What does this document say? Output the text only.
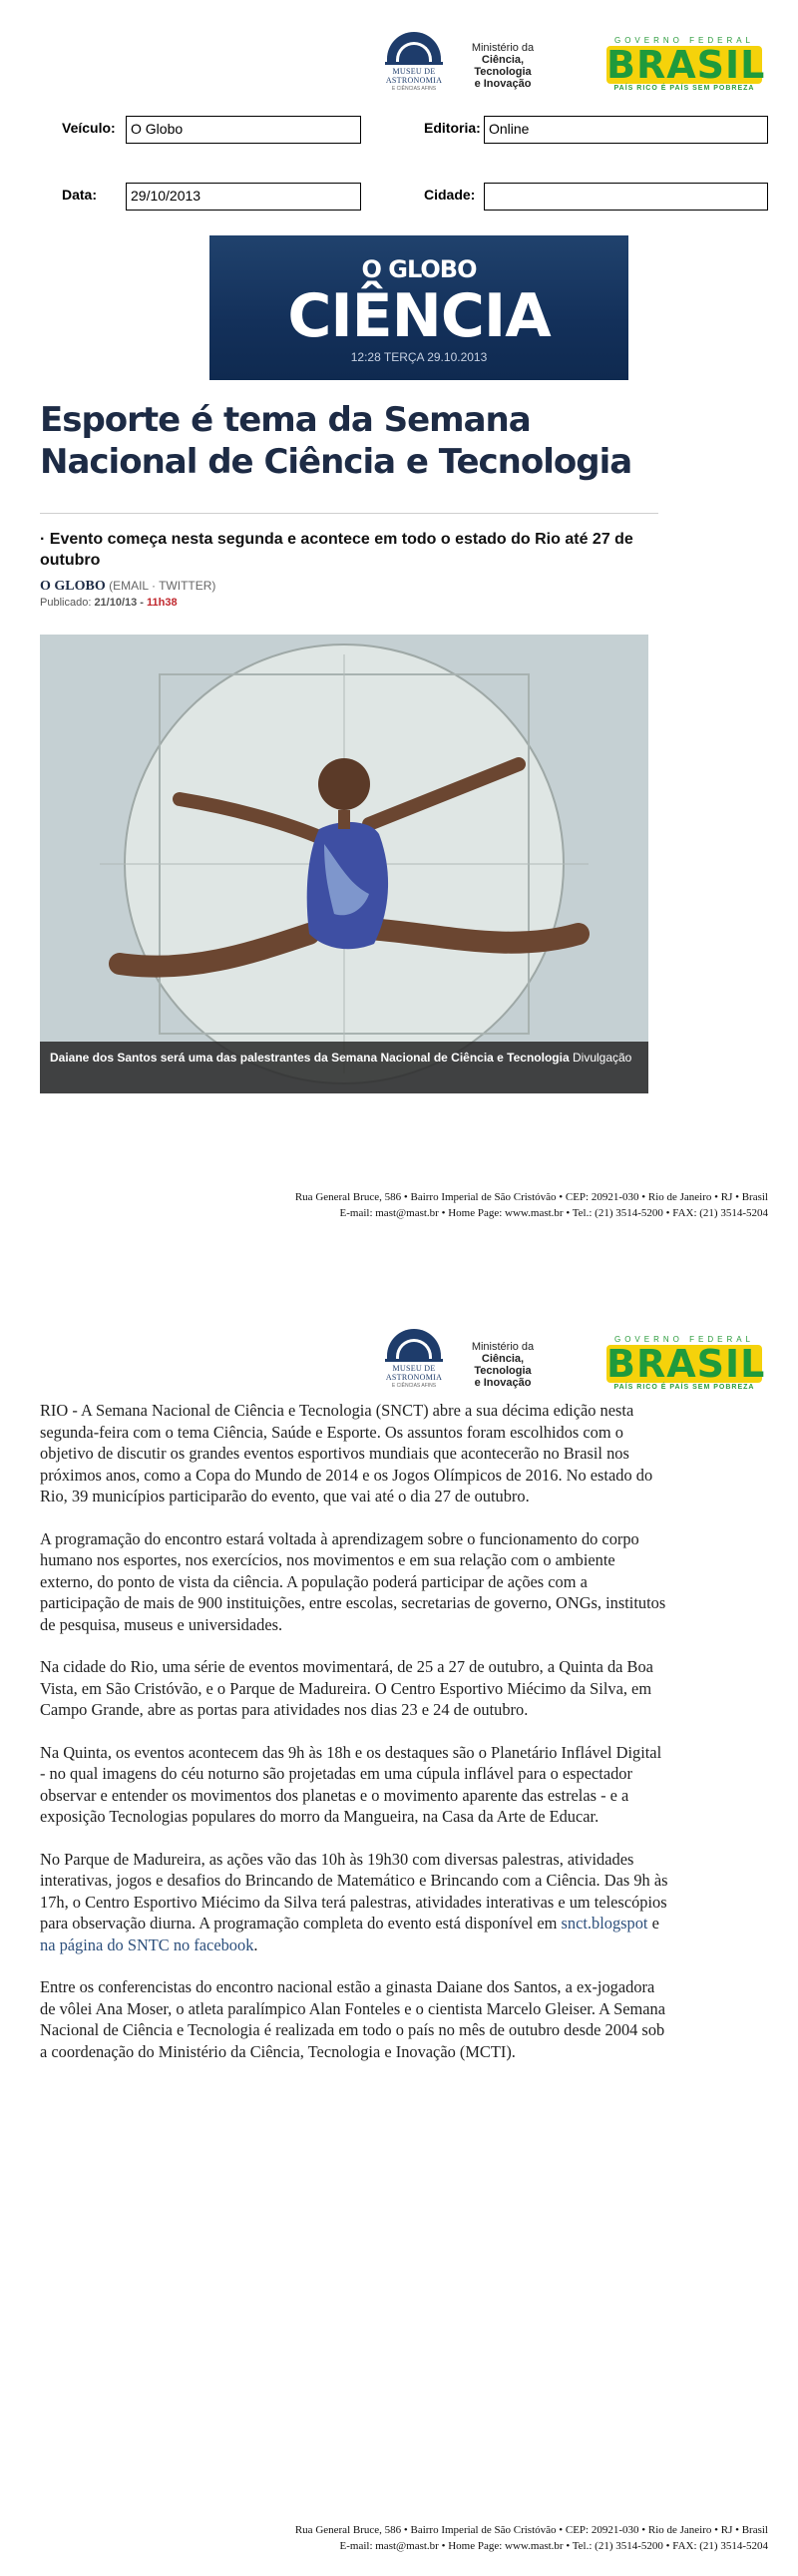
MUSEU DE ASTRONOMIA
E CIÊNCIAS AFINS
Ministério da
Ciência, Tecnologia
e Inovação
GOVERNO FEDERAL
BRASIL
PAÍS RICO É PAÍS SEM POBREZA
Veículo:	O Globo	Editoria: Online
Data:	29/10/2013	Cidade:
O GLOBO
CIÊNCIA
12:28 TERÇA 29.10.2013
Esporte é tema da Semana Nacional de Ciência e Tecnologia
· Evento começa nesta segunda e acontece em todo o estado do Rio até 27 de outubro
O GLOBO (EMAIL · TWITTER)
Publicado: 21/10/13 - 11h38
Daiane dos Santos será uma das palestrantes da Semana Nacional de Ciência e Tecnologia Divulgação
Rua General Bruce, 586 • Bairro Imperial de São Cristóvão • CEP: 20921-030 • Rio de Janeiro • RJ • Brasil
E-mail: mast@mast.br • Home Page: www.mast.br • Tel.: (21) 3514-5200 • FAX: (21) 3514-5204
MUSEU DE ASTRONOMIA
E CIÊNCIAS AFINS
Ministério da
Ciência, Tecnologia
e Inovação
GOVERNO FEDERAL
BRASIL
PAÍS RICO É PAÍS SEM POBREZA

RIO - A Semana Nacional de Ciência e Tecnologia (SNCT) abre a sua décima edição nesta segunda-feira com o tema Ciência, Saúde e Esporte. Os assuntos foram escolhidos com o objetivo de discutir os grandes eventos esportivos mundiais que acontecerão no Brasil nos próximos anos, como a Copa do Mundo de 2014 e os Jogos Olímpicos de 2016. No estado do Rio, 39 municípios participarão do evento, que vai até o dia 27 de outubro.

A programação do encontro estará voltada à aprendizagem sobre o funcionamento do corpo humano nos esportes, nos exercícios, nos movimentos e em sua relação com o ambiente externo, do ponto de vista da ciência. A população poderá participar de ações com a participação de mais de 900 instituições, entre escolas, secretarias de governo, ONGs, institutos de pesquisa, museus e universidades.

Na cidade do Rio, uma série de eventos movimentará, de 25 a 27 de outubro, a Quinta da Boa Vista, em São Cristóvão, e o Parque de Madureira. O Centro Esportivo Miécimo da Silva, em Campo Grande, abre as portas para atividades nos dias 23 e 24 de outubro.

Na Quinta, os eventos acontecem das 9h às 18h e os destaques são o Planetário Inflável Digital - no qual imagens do céu noturno são projetadas em uma cúpula inflável para o espectador observar e entender os movimentos dos planetas e o movimento aparente das estrelas - e a exposição Tecnologias populares do morro da Mangueira, na Casa da Arte de Educar.

No Parque de Madureira, as ações vão das 10h às 19h30 com diversas palestras, atividades interativas, jogos e desafios do Brincando de Matemático e Brincando com a Ciência. Das 9h às 17h, o Centro Esportivo Miécimo da Silva terá palestras, atividades interativas e um telescópios para observação diurna. A programação completa do evento está disponível em snct.blogspot e na página do SNTC no facebook.

Entre os conferencistas do encontro nacional estão a ginasta Daiane dos Santos, a ex-jogadora de vôlei Ana Moser, o atleta paralímpico Alan Fonteles e o cientista Marcelo Gleiser. A Semana Nacional de Ciência e Tecnologia é realizada em todo o país no mês de outubro desde 2004 sob a coordenação do Ministério da Ciência, Tecnologia e Inovação (MCTI).

Rua General Bruce, 586 • Bairro Imperial de São Cristóvão • CEP: 20921-030 • Rio de Janeiro • RJ • Brasil
E-mail: mast@mast.br • Home Page: www.mast.br • Tel.: (21) 3514-5200 • FAX: (21) 3514-5204
